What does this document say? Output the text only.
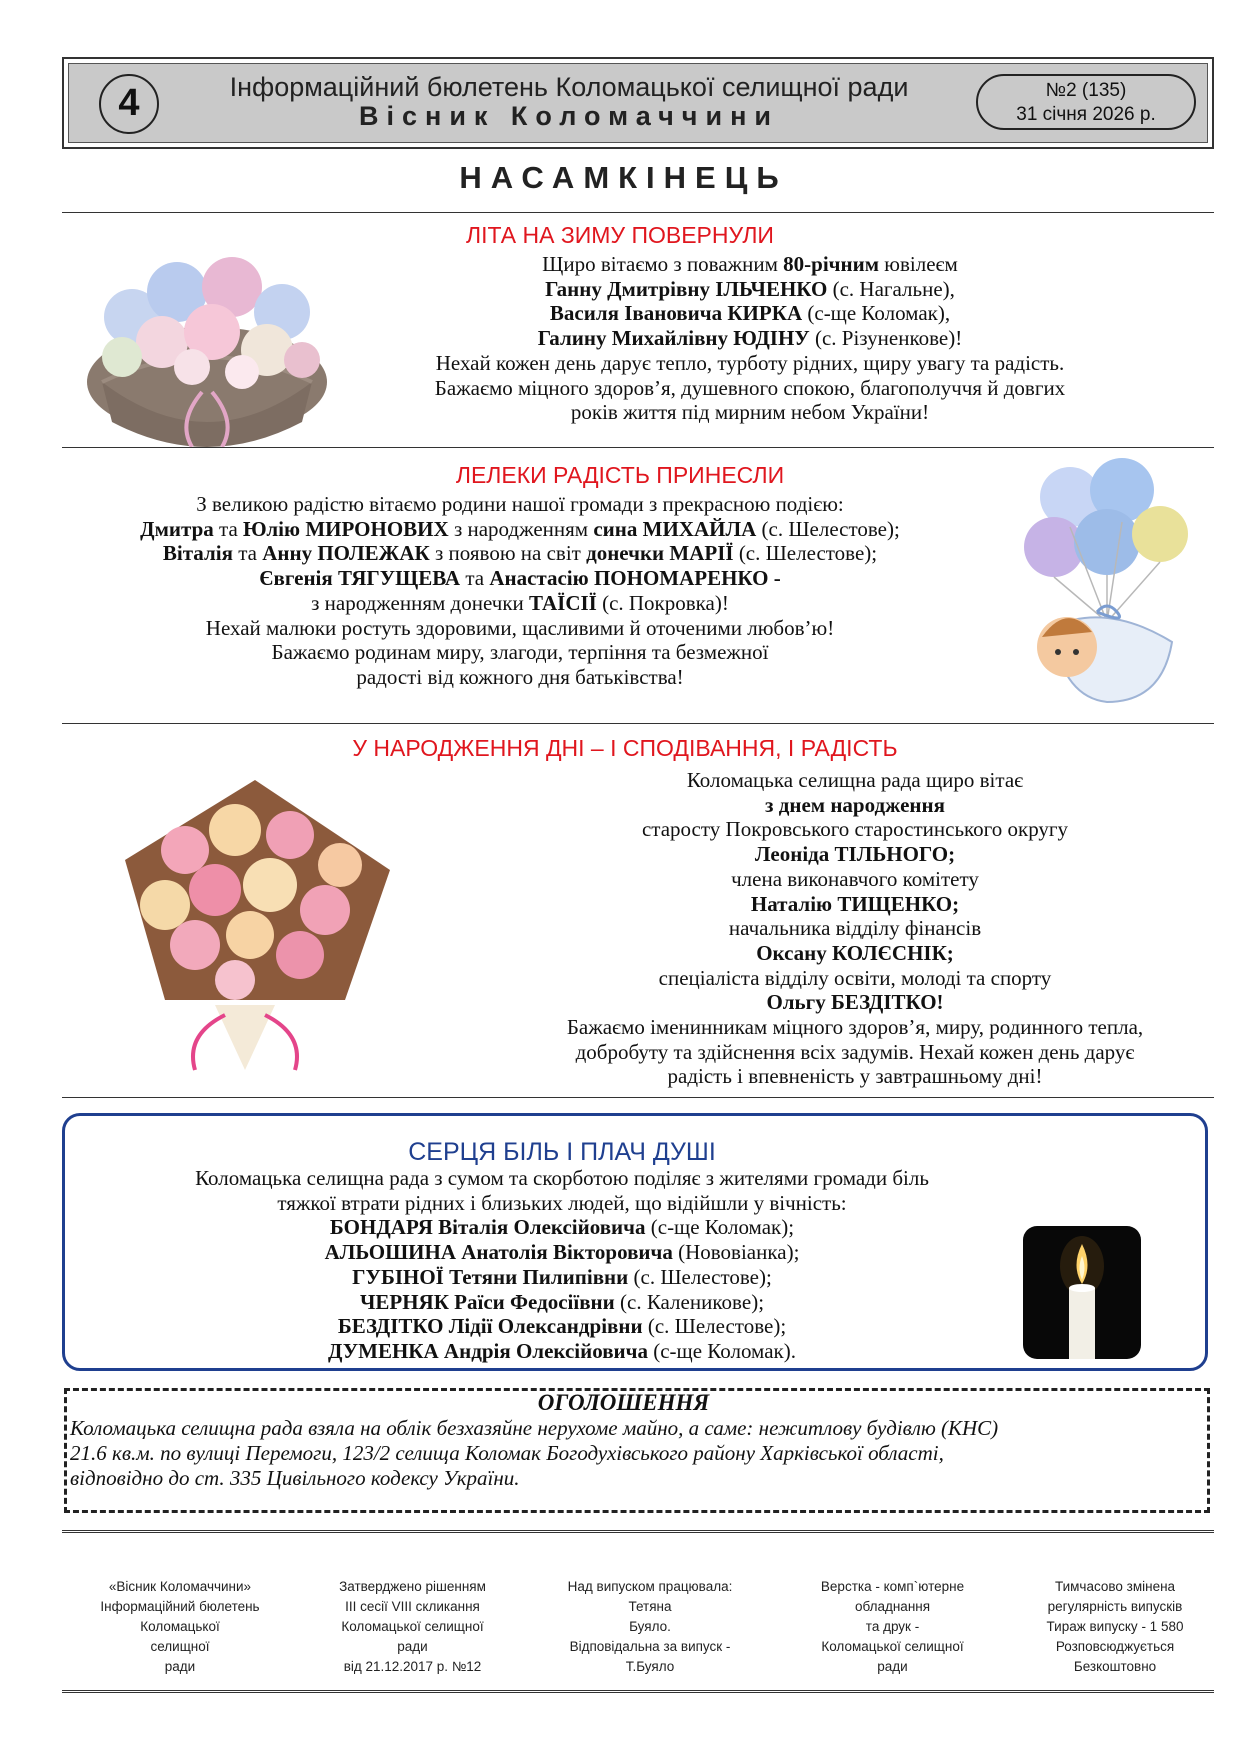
4	Інформаційний бюлетень Коломацької селищної ради
Вісник Коломаччини
№2 (135)
31 січня 2026 р.
НАСАМКІНЕЦЬ
ЛІТА НА ЗИМУ ПОВЕРНУЛИ
Щиро вітаємо з поважним 80-річним ювілеєм
Ганну Дмитрівну ІЛЬЧЕНКО (с. Нагальне),
Василя Івановича КИРКА (с-ще Коломак),
Галину Михайлівну ЮДІНУ (с. Різуненкове)!
Нехай кожен день дарує тепло, турботу рідних, щиру увагу та радість.
Бажаємо міцного здоров’я, душевного спокою, благополуччя й довгих
років життя під мирним небом України!
ЛЕЛЕКИ РАДІСТЬ ПРИНЕСЛИ
З великою радістю вітаємо родини нашої громади з прекрасною подією:
Дмитра та Юлію МИРОНОВИХ з народженням сина МИХАЙЛА (с. Шелестове);
Віталія та Анну ПОЛЕЖАК з появою на світ донечки МАРІЇ (с. Шелестове);
Євгенія ТЯГУЩЕВА та Анастасію ПОНОМАРЕНКО -
з народженням донечки ТАЇСІЇ (с. Покровка)!
Нехай малюки ростуть здоровими, щасливими й оточеними любов’ю!
Бажаємо родинам миру, злагоди, терпіння та безмежної
радості від кожного дня батьківства!
У НАРОДЖЕННЯ ДНІ – І СПОДІВАННЯ, І РАДІСТЬ
Коломацька селищна рада щиро вітає
з днем народження
старосту Покровського старостинського округу
Леоніда ТІЛЬНОГО;
члена виконавчого комітету
Наталію ТИЩЕНКО;
начальника відділу фінансів
Оксану КОЛЄСНІК;
спеціаліста відділу освіти, молоді та спорту
Ольгу БЕЗДІТКО!
Бажаємо іменинникам міцного здоров’я, миру, родинного тепла,
добробуту та здійснення всіх задумів. Нехай кожен день дарує
радість і впевненість у завтрашньому дні!
СЕРЦЯ БІЛЬ І ПЛАЧ ДУШІ
Коломацька селищна рада з сумом та скорботою поділяє з жителями громади біль
тяжкої втрати рідних і близьких людей, що відійшли у вічність:
БОНДАРЯ Віталія Олексійовича (с-ще Коломак);
АЛЬОШИНА Анатолія Вікторовича (Нововіанка);
ГУБІНОЇ Тетяни Пилипівни (с. Шелестове);
ЧЕРНЯК Раїси Федосіївни (с. Калениковe);
БЕЗДІТКО Лідії Олександрівни (с. Шелестове);
ДУМЕНКА Андрія Олексійовича (с-ще Коломак).
ОГОЛОШЕННЯ
Коломацька селищна рада взяла на облік безхазяйне нерухоме майно, а саме: нежитлову будівлю (КНС)
21.6 кв.м. по вулиці Перемоги, 123/2 селища Коломак Богодухівського району Харківської області,
відповідно до ст. 335 Цивільного кодексу України.
«Вісник Коломаччини»
Інформаційний бюлетень
Коломацької
селищної
ради
Затверджено рішенням
ІІІ сесії VIII скликання
Коломацької селищної
ради
від 21.12.2017 р. №12
Над випуском працювала:
Тетяна
Буяло.
Відповідальна за випуск -
Т.Буяло
Верстка - комп`ютерне
обладнання
та друк -
Коломацької селищної
ради
Тимчасово змінена
регулярність випусків
Тираж випуску - 1 580
Розповсюджується
Безкоштовно
